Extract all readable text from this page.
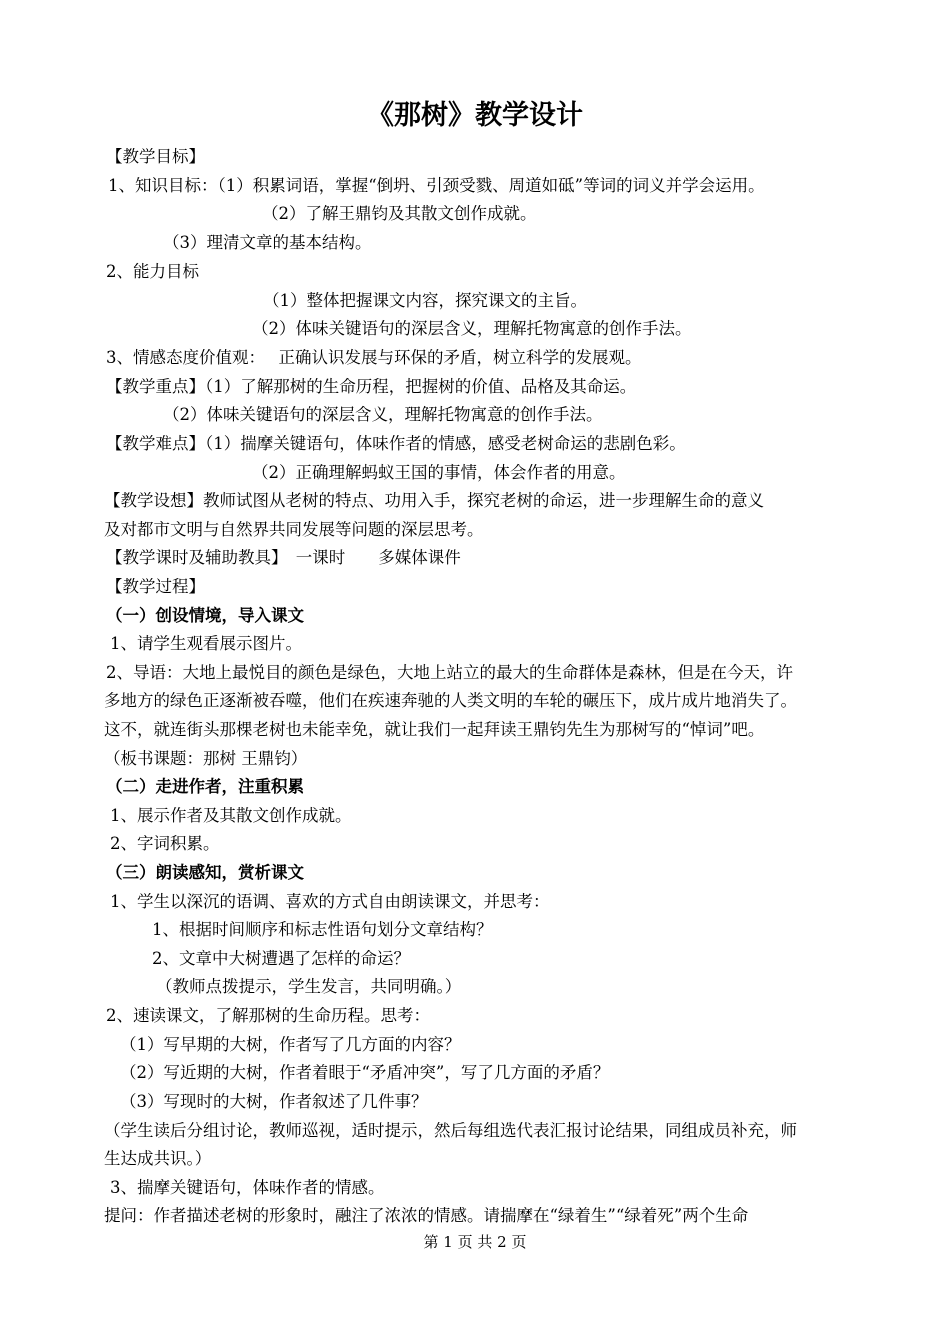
《那树》教学设计
【教学目标】
1、知识目标：（1）积累词语，掌握“倒坍、引颈受戮、周道如砥”等词的词义并学会运用。
（2）了解王鼎钧及其散文创作成就。
（3）理清文章的基本结构。
2、能力目标
（1）整体把握课文内容，探究课文的主旨。
（2）体味关键语句的深层含义，理解托物寓意的创作手法。
3、情感态度价值观：　 正确认识发展与环保的矛盾，树立科学的发展观。
【教学重点】（1）了解那树的生命历程，把握树的价值、品格及其命运。
（2）体味关键语句的深层含义，理解托物寓意的创作手法。
【教学难点】（1）揣摩关键语句，体味作者的情感，感受老树命运的悲剧色彩。
（2）正确理解蚂蚁王国的事情，体会作者的用意。
【教学设想】教师试图从老树的特点、功用入手，探究老树的命运，进一步理解生命的意义
及对都市文明与自然界共同发展等问题的深层思考。
【教学课时及辅助教具】　一课时　　多媒体课件
【教学过程】
（一）创设情境，导入课文
1、请学生观看展示图片。
2、导语：大地上最悦目的颜色是绿色，大地上站立的最大的生命群体是森林，但是在今天，许
多地方的绿色正逐渐被吞噬，他们在疾速奔驰的人类文明的车轮的碾压下，成片成片地消失了。
这不，就连街头那棵老树也未能幸免，就让我们一起拜读王鼎钧先生为那树写的“悼词”吧。
（板书课题：那树 王鼎钧）
（二）走进作者，注重积累
1、展示作者及其散文创作成就。
2、字词积累。
（三）朗读感知，赏析课文
1、学生以深沉的语调、喜欢的方式自由朗读课文，并思考：
1、根据时间顺序和标志性语句划分文章结构？
2、文章中大树遭遇了怎样的命运？
（教师点拨提示，学生发言，共同明确。）
2、速读课文，了解那树的生命历程。思考：
（1）写早期的大树，作者写了几方面的内容？
（2）写近期的大树，作者着眼于“矛盾冲突”，写了几方面的矛盾？
（3）写现时的大树，作者叙述了几件事？
（学生读后分组讨论，教师巡视，适时提示，然后每组选代表汇报讨论结果，同组成员补充，师
生达成共识。）
3、揣摩关键语句，体味作者的情感。
提问：作者描述老树的形象时，融注了浓浓的情感。请揣摩在“绿着生”“绿着死”两个生命
第 1 页 共 2 页
